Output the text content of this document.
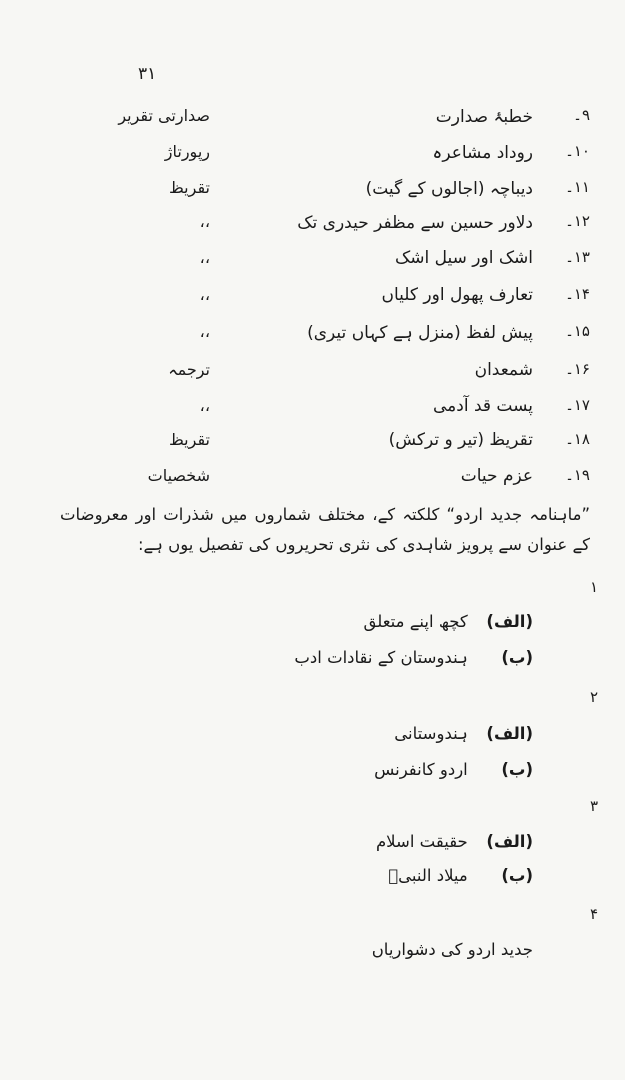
۳۱
۹۔
خطبۂ صدارت
صدارتی تقریر
۱۰۔
روداد مشاعرہ
رپورتاژ
۱۱۔
دیباچہ (اجالوں کے گیت)
تقریظ
۱۲۔
دلاور حسین سے مظفر حیدری تک
،،
۱۳۔
اشک اور سیل اشک
،،
۱۴۔
تعارف پھول اور کلیاں
،،
۱۵۔
پیش لفظ (منزل ہے کہاں تیری)
،،
۱۶۔
شمعدان
ترجمہ
۱۷۔
پست قد آدمی
،،
۱۸۔
تقریظ (تیر و ترکش)
تقریظ
۱۹۔
عزم حیات
شخصیات
”ماہنامہ جدید اردو“ کلکتہ کے، مختلف شماروں میں شذرات اور معروضات کے عنوان سے پرویز شاہدی کی نثری تحریروں کی تفصیل یوں ہے:
۱
(الف) کچھ اپنے متعلق
(ب) ہندوستان کے نقادات ادب
۲
(الف) ہندوستانی
(ب) اردو کانفرنس
۳
(الف) حقیقت اسلام
(ب) میلاد النبیؐ
۴
جدید اردو کی دشواریاں
